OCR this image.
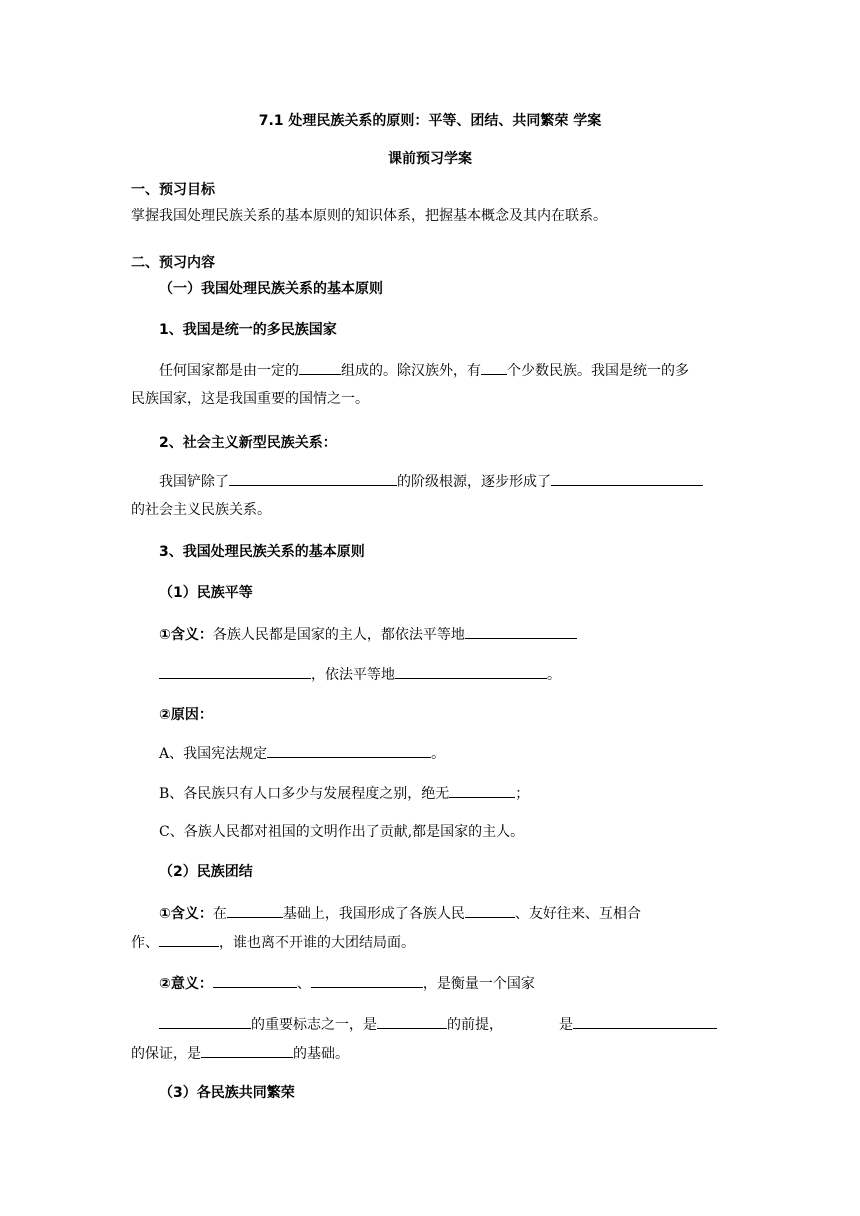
7.1 处理民族关系的原则：平等、团结、共同繁荣 学案
课前预习学案
一、预习目标
掌握我国处理民族关系的基本原则的知识体系，把握基本概念及其内在联系。
二、预习内容
（一）我国处理民族关系的基本原则
1、我国是统一的多民族国家
任何国家都是由一定的	组成的。除汉族外，有 个少数民族。我国是统一的多
民族国家，这是我国重要的国情之一。
2、社会主义新型民族关系：
我国铲除了	的阶级根源，逐步形成了
的社会主义民族关系。
3、我国处理民族关系的基本原则
（1）民族平等
①含义：各族人民都是国家的主人，都依法平等地
，依法平等地	。
②原因：
A、我国宪法规定	。
B、各民族只有人口多少与发展程度之别，绝无	；
C、各族人民都对祖国的文明作出了贡献,都是国家的主人。
（2）民族团结
①含义：在	基础上，我国形成了各族人民	、友好往来、互相合
作、	，谁也离不开谁的大团结局面。
②意义：	、	，是衡量一个国家
的重要标志之一，是	的前提，	是
的保证，是	的基础。
（3）各民族共同繁荣
